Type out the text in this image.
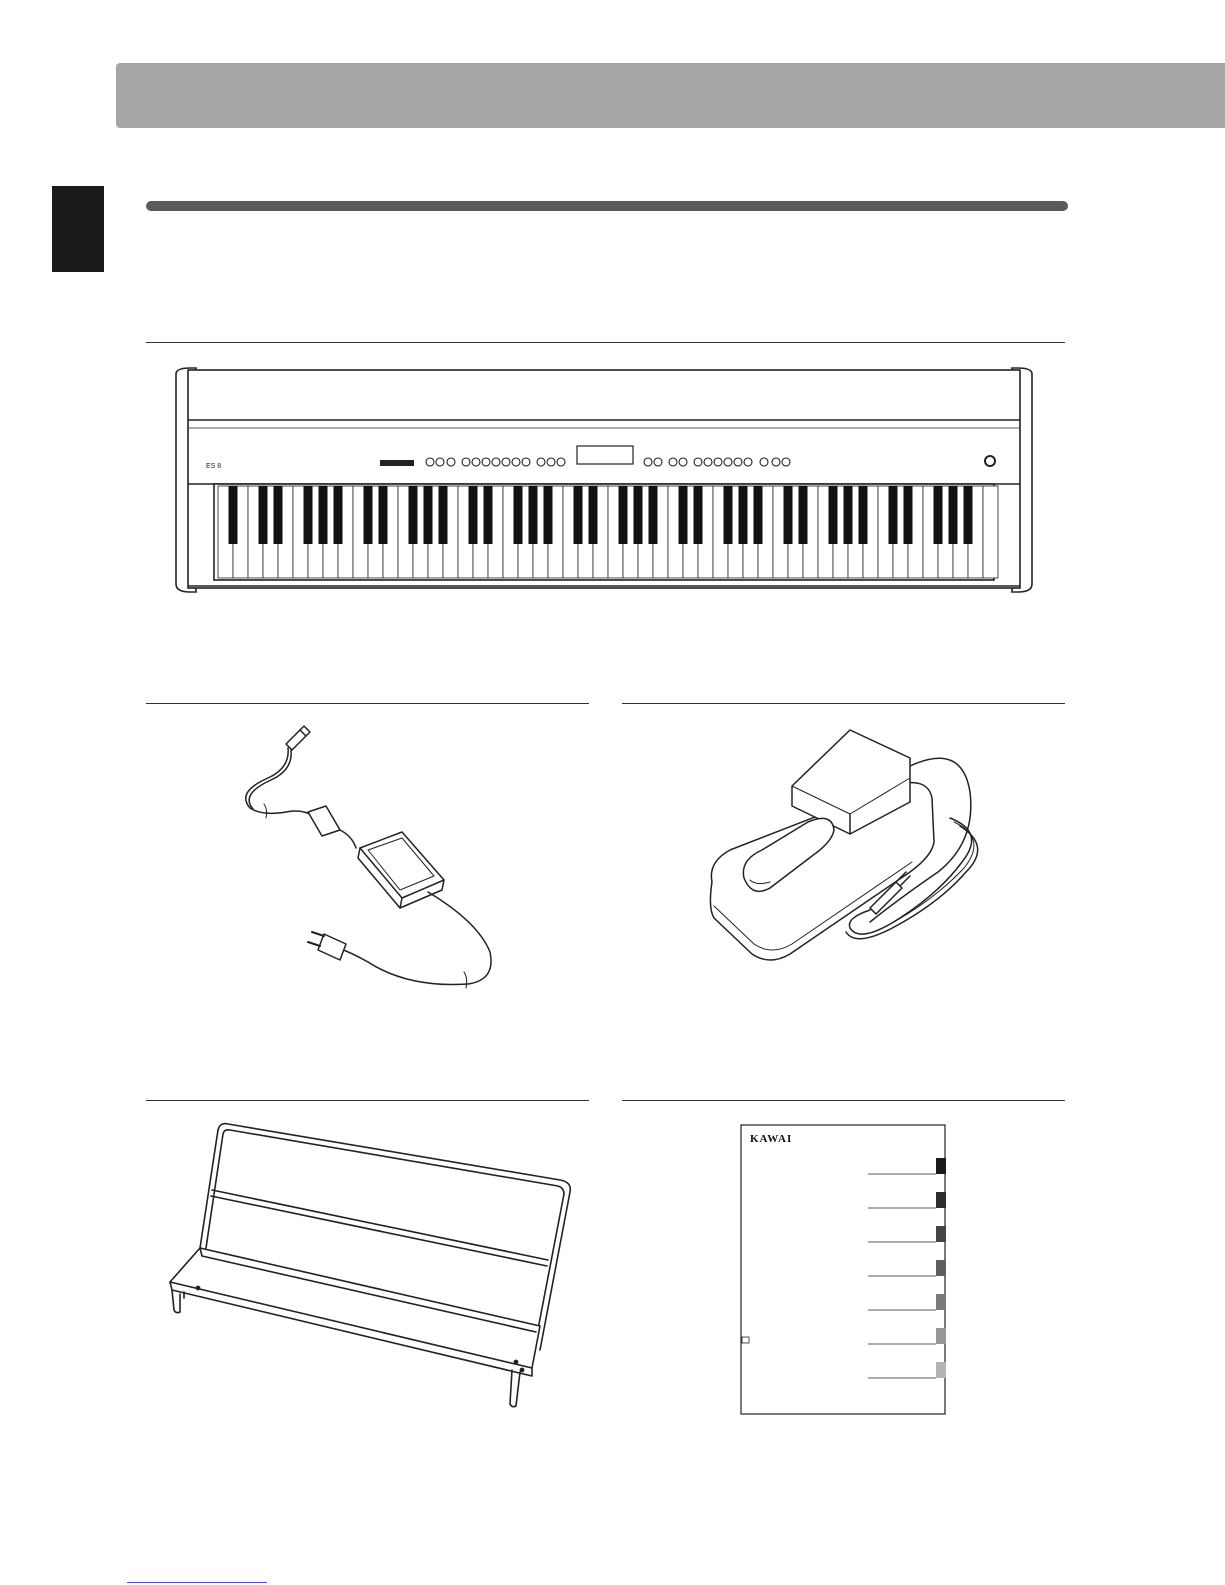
ES 8
KAWAI
